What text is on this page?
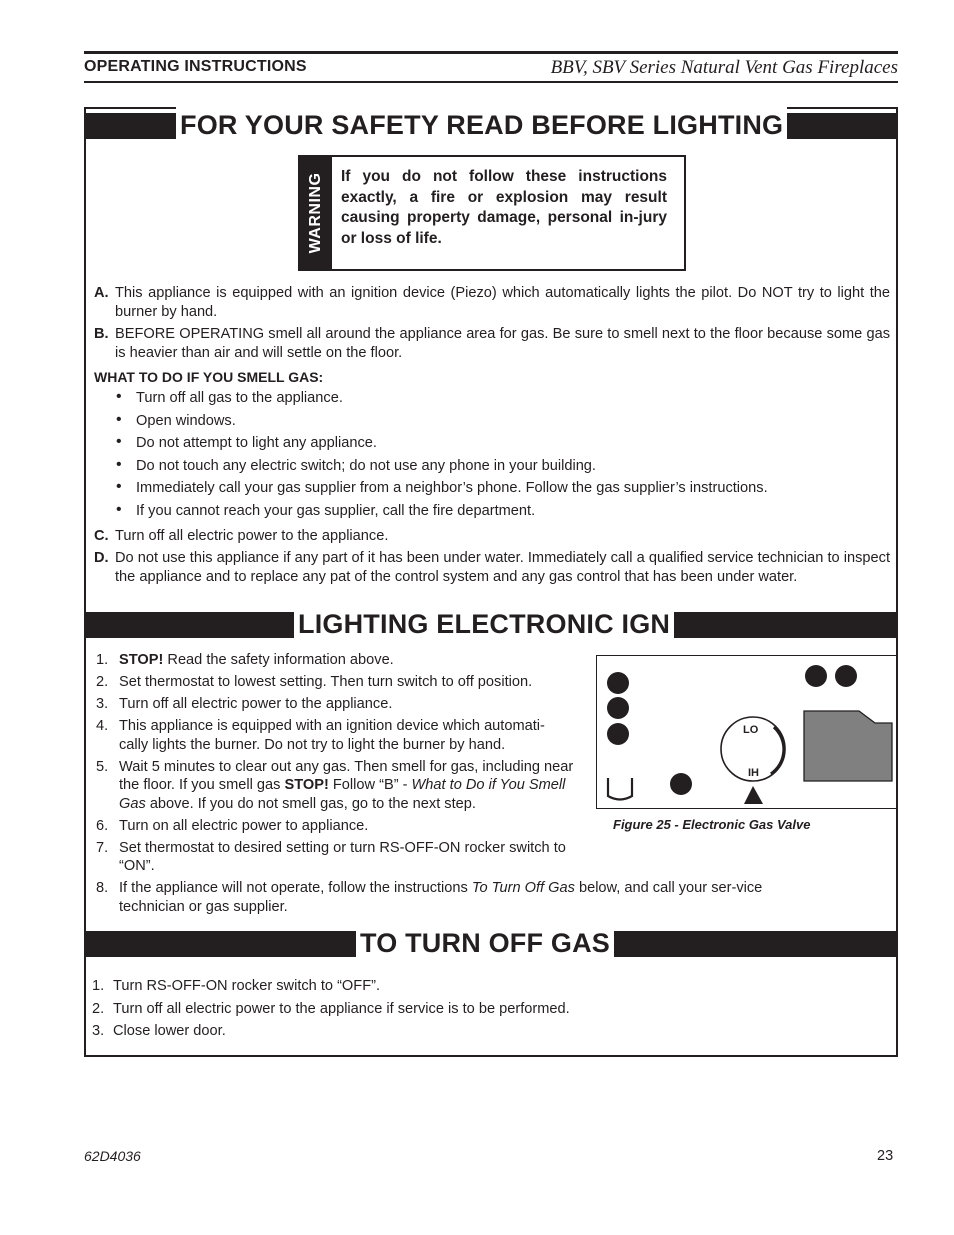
OPERATING INSTRUCTIONS	BBV, SBV Series Natural Vent Gas Fireplaces
FOR YOUR SAFETY READ BEFORE LIGHTING
WARNING If you do not follow these instructions exactly, a fire or explosion may result causing property damage, personal in-jury or loss of life.
A. This appliance is equipped with an ignition device (Piezo) which automatically lights the pilot. Do NOT try to light the burner by hand.
B. BEFORE OPERATING smell all around the appliance area for gas. Be sure to smell next to the floor because some gas is heavier than air and will settle on the floor.
WHAT TO DO IF YOU SMELL GAS:
• Turn off all gas to the appliance.
• Open windows.
• Do not attempt to light any appliance.
• Do not touch any electric switch; do not use any phone in your building.
• Immediately call your gas supplier from a neighbor’s phone. Follow the gas supplier’s instructions.
• If you cannot reach your gas supplier, call the fire department.
C. Turn off all electric power to the appliance.
D. Do not use this appliance if any part of it has been under water. Immediately call a qualified service technician to inspect the appliance and to replace any pat of the control system and any gas control that has been under water.
LIGHTING ELECTRONIC IGN
1. STOP! Read the safety information above.
2. Set thermostat to lowest setting. Then turn switch to off position.
3. Turn off all electric power to the appliance.
4. This appliance is equipped with an ignition device which automati-cally lights the burner. Do not try to light the burner by hand.
5. Wait 5 minutes to clear out any gas. Then smell for gas, including near the floor. If you smell gas STOP! Follow “B” - What to Do if You Smell Gas above. If you do not smell gas, go to the next step.
6. Turn on all electric power to appliance.
7. Set thermostat to desired setting or turn RS-OFF-ON rocker switch to “ON”.
8. If the appliance will not operate, follow the instructions To Turn Off Gas below, and call your ser-vice technician or gas supplier.
LO
IH
Figure 25 - Electronic Gas Valve
TO TURN OFF GAS
1. Turn RS-OFF-ON rocker switch to “OFF”.
2. Turn off all electric power to the appliance if service is to be performed.
3. Close lower door.
62D4036	23
